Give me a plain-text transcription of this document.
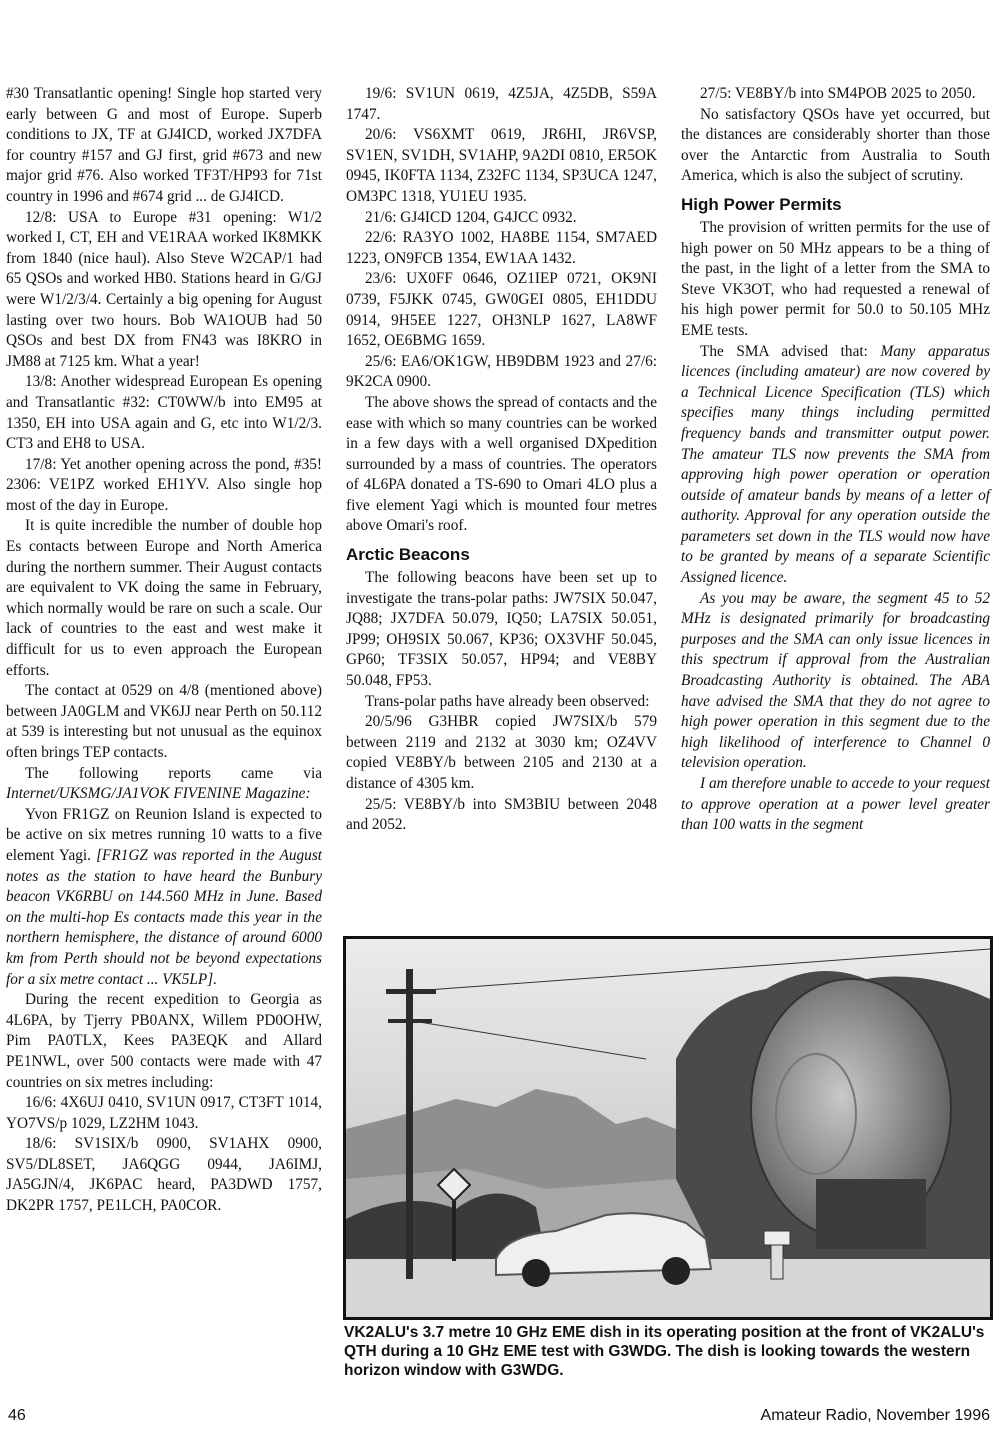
#30 Transatlantic opening! Single hop started very early between G and most of Europe. Superb conditions to JX, TF at GJ4ICD, worked JX7DFA for country #157 and GJ first, grid #673 and new major grid #76. Also worked TF3T/HP93 for 71st country in 1996 and #674 grid ... de GJ4ICD.

12/8: USA to Europe #31 opening: W1/2 worked I, CT, EH and VE1RAA worked IK8MKK from 1840 (nice haul). Also Steve W2CAP/1 had 65 QSOs and worked HB0. Stations heard in G/GJ were W1/2/3/4. Certainly a big opening for August lasting over two hours. Bob WA1OUB had 50 QSOs and best DX from FN43 was I8KRO in JM88 at 7125 km. What a year!

13/8: Another widespread European Es opening and Transatlantic #32: CT0WW/b into EM95 at 1350, EH into USA again and G, etc into W1/2/3. CT3 and EH8 to USA.

17/8: Yet another opening across the pond, #35! 2306: VE1PZ worked EH1YV. Also single hop most of the day in Europe.

It is quite incredible the number of double hop Es contacts between Europe and North America during the northern summer. Their August contacts are equivalent to VK doing the same in February, which normally would be rare on such a scale. Our lack of countries to the east and west make it difficult for us to even approach the European efforts.

The contact at 0529 on 4/8 (mentioned above) between JA0GLM and VK6JJ near Perth on 50.112 at 539 is interesting but not unusual as the equinox often brings TEP contacts.

The following reports came via Internet/UKSMG/JA1VOK FIVENINE Magazine:

Yvon FR1GZ on Reunion Island is expected to be active on six metres running 10 watts to a five element Yagi. [FR1GZ was reported in the August notes as the station to have heard the Bunbury beacon VK6RBU on 144.560 MHz in June. Based on the multi-hop Es contacts made this year in the northern hemisphere, the distance of around 6000 km from Perth should not be beyond expectations for a six metre contact ... VK5LP].

During the recent expedition to Georgia as 4L6PA, by Tjerry PB0ANX, Willem PD0OHW, Pim PA0TLX, Kees PA3EQK and Allard PE1NWL, over 500 contacts were made with 47 countries on six metres including:

16/6: 4X6UJ 0410, SV1UN 0917, CT3FT 1014, YO7VS/p 1029, LZ2HM 1043.

18/6: SV1SIX/b 0900, SV1AHX 0900, SV5/DL8SET, JA6QGG 0944, JA6IMJ, JA5GJN/4, JK6PAC heard, PA3DWD 1757, DK2PR 1757, PE1LCH, PA0COR.

19/6: SV1UN 0619, 4Z5JA, 4Z5DB, S59A 1747.

20/6: VS6XMT 0619, JR6HI, JR6VSP, SV1EN, SV1DH, SV1AHP, 9A2DI 0810, ER5OK 0945, IK0FTA 1134, Z32FC 1134, SP3UCA 1247, OM3PC 1318, YU1EU 1935.

21/6: GJ4ICD 1204, G4JCC 0932.

22/6: RA3YO 1002, HA8BE 1154, SM7AED 1223, ON9FCB 1354, EW1AA 1432.

23/6: UX0FF 0646, OZ1IEP 0721, OK9NI 0739, F5JKK 0745, GW0GEI 0805, EH1DDU 0914, 9H5EE 1227, OH3NLP 1627, LA8WF 1652, OE6BMG 1659.

25/6: EA6/OK1GW, HB9DBM 1923 and 27/6: 9K2CA 0900.

The above shows the spread of contacts and the ease with which so many countries can be worked in a few days with a well organised DXpedition surrounded by a mass of countries. The operators of 4L6PA donated a TS-690 to Omari 4LO plus a five element Yagi which is mounted four metres above Omari's roof.

Arctic Beacons

The following beacons have been set up to investigate the trans-polar paths: JW7SIX 50.047, JQ88; JX7DFA 50.079, IQ50; LA7SIX 50.051, JP99; OH9SIX 50.067, KP36; OX3VHF 50.045, GP60; TF3SIX 50.057, HP94; and VE8BY 50.048, FP53.

Trans-polar paths have already been observed:

20/5/96 G3HBR copied JW7SIX/b 579 between 2119 and 2132 at 3030 km; OZ4VV copied VE8BY/b between 2105 and 2130 at a distance of 4305 km.

25/5: VE8BY/b into SM3BIU between 2048 and 2052.

27/5: VE8BY/b into SM4POB 2025 to 2050.

No satisfactory QSOs have yet occurred, but the distances are considerably shorter than those over the Antarctic from Australia to South America, which is also the subject of scrutiny.

High Power Permits

The provision of written permits for the use of high power on 50 MHz appears to be a thing of the past, in the light of a letter from the SMA to Steve VK3OT, who had requested a renewal of his high power permit for 50.0 to 50.105 MHz EME tests.

The SMA advised that: Many apparatus licences (including amateur) are now covered by a Technical Licence Specification (TLS) which specifies many things including permitted frequency bands and transmitter output power. The amateur TLS now prevents the SMA from approving high power operation or operation outside of amateur bands by means of a letter of authority. Approval for any operation outside the parameters set down in the TLS would now have to be granted by means of a separate Scientific Assigned licence.

As you may be aware, the segment 45 to 52 MHz is designated primarily for broadcasting purposes and the SMA can only issue licences in this spectrum if approval from the Australian Broadcasting Authority is obtained. The ABA have advised the SMA that they do not agree to high power operation in this segment due to the high likelihood of interference to Channel 0 television operation.

I am therefore unable to accede to your request to approve operation at a power level greater than 100 watts in the segment

VK2ALU's 3.7 metre 10 GHz EME dish in its operating position at the front of VK2ALU's QTH during a 10 GHz EME test with G3WDG. The dish is looking towards the western horizon window with G3WDG.

46	Amateur Radio, November 1996
